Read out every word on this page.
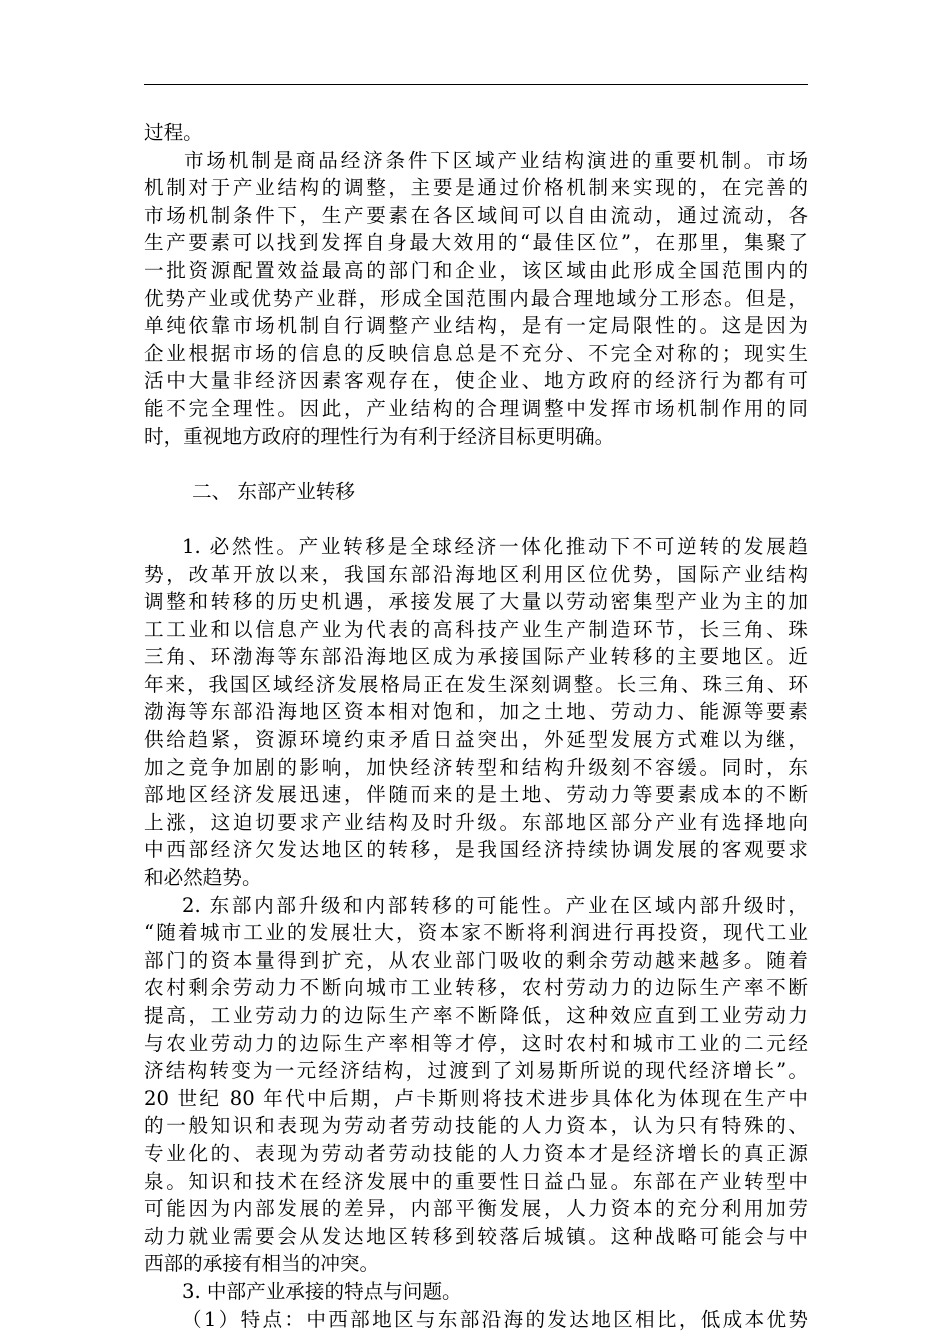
过程。
市场机制是商品经济条件下区域产业结构演进的重要机制。市场
机制对于产业结构的调整，主要是通过价格机制来实现的，在完善的
市场机制条件下，生产要素在各区域间可以自由流动，通过流动，各
生产要素可以找到发挥自身最大效用的“最佳区位”，在那里，集聚了
一批资源配置效益最高的部门和企业，该区域由此形成全国范围内的
优势产业或优势产业群，形成全国范围内最合理地域分工形态。但是，
单纯依靠市场机制自行调整产业结构，是有一定局限性的。这是因为
企业根据市场的信息的反映信息总是不充分、不完全对称的；现实生
活中大量非经济因素客观存在，使企业、地方政府的经济行为都有可
能不完全理性。因此，产业结构的合理调整中发挥市场机制作用的同
时，重视地方政府的理性行为有利于经济目标更明确。
二、 东部产业转移
1. 必然性。产业转移是全球经济一体化推动下不可逆转的发展趋
势，改革开放以来，我国东部沿海地区利用区位优势，国际产业结构
调整和转移的历史机遇，承接发展了大量以劳动密集型产业为主的加
工工业和以信息产业为代表的高科技产业生产制造环节，长三角、珠
三角、环渤海等东部沿海地区成为承接国际产业转移的主要地区。近
年来，我国区域经济发展格局正在发生深刻调整。长三角、珠三角、环
渤海等东部沿海地区资本相对饱和，加之土地、劳动力、能源等要素
供给趋紧，资源环境约束矛盾日益突出，外延型发展方式难以为继，
加之竞争加剧的影响，加快经济转型和结构升级刻不容缓。同时，东
部地区经济发展迅速，伴随而来的是土地、劳动力等要素成本的不断
上涨，这迫切要求产业结构及时升级。东部地区部分产业有选择地向
中西部经济欠发达地区的转移，是我国经济持续协调发展的客观要求
和必然趋势。
2. 东部内部升级和内部转移的可能性。产业在区域内部升级时，
“随着城市工业的发展壮大，资本家不断将利润进行再投资，现代工业
部门的资本量得到扩充，从农业部门吸收的剩余劳动越来越多。随着
农村剩余劳动力不断向城市工业转移，农村劳动力的边际生产率不断
提高，工业劳动力的边际生产率不断降低，这种效应直到工业劳动力
与农业劳动力的边际生产率相等才停，这时农村和城市工业的二元经
济结构转变为一元经济结构，过渡到了刘易斯所说的现代经济增长”。
20 世纪 80 年代中后期，卢卡斯则将技术进步具体化为体现在生产中
的一般知识和表现为劳动者劳动技能的人力资本，认为只有特殊的、
专业化的、表现为劳动者劳动技能的人力资本才是经济增长的真正源
泉。知识和技术在经济发展中的重要性日益凸显。东部在产业转型中
可能因为内部发展的差异，内部平衡发展，人力资本的充分利用加劳
动力就业需要会从发达地区转移到较落后城镇。这种战略可能会与中
西部的承接有相当的冲突。
3. 中部产业承接的特点与问题。
（1）特点：中西部地区与东部沿海的发达地区相比，低成本优势
